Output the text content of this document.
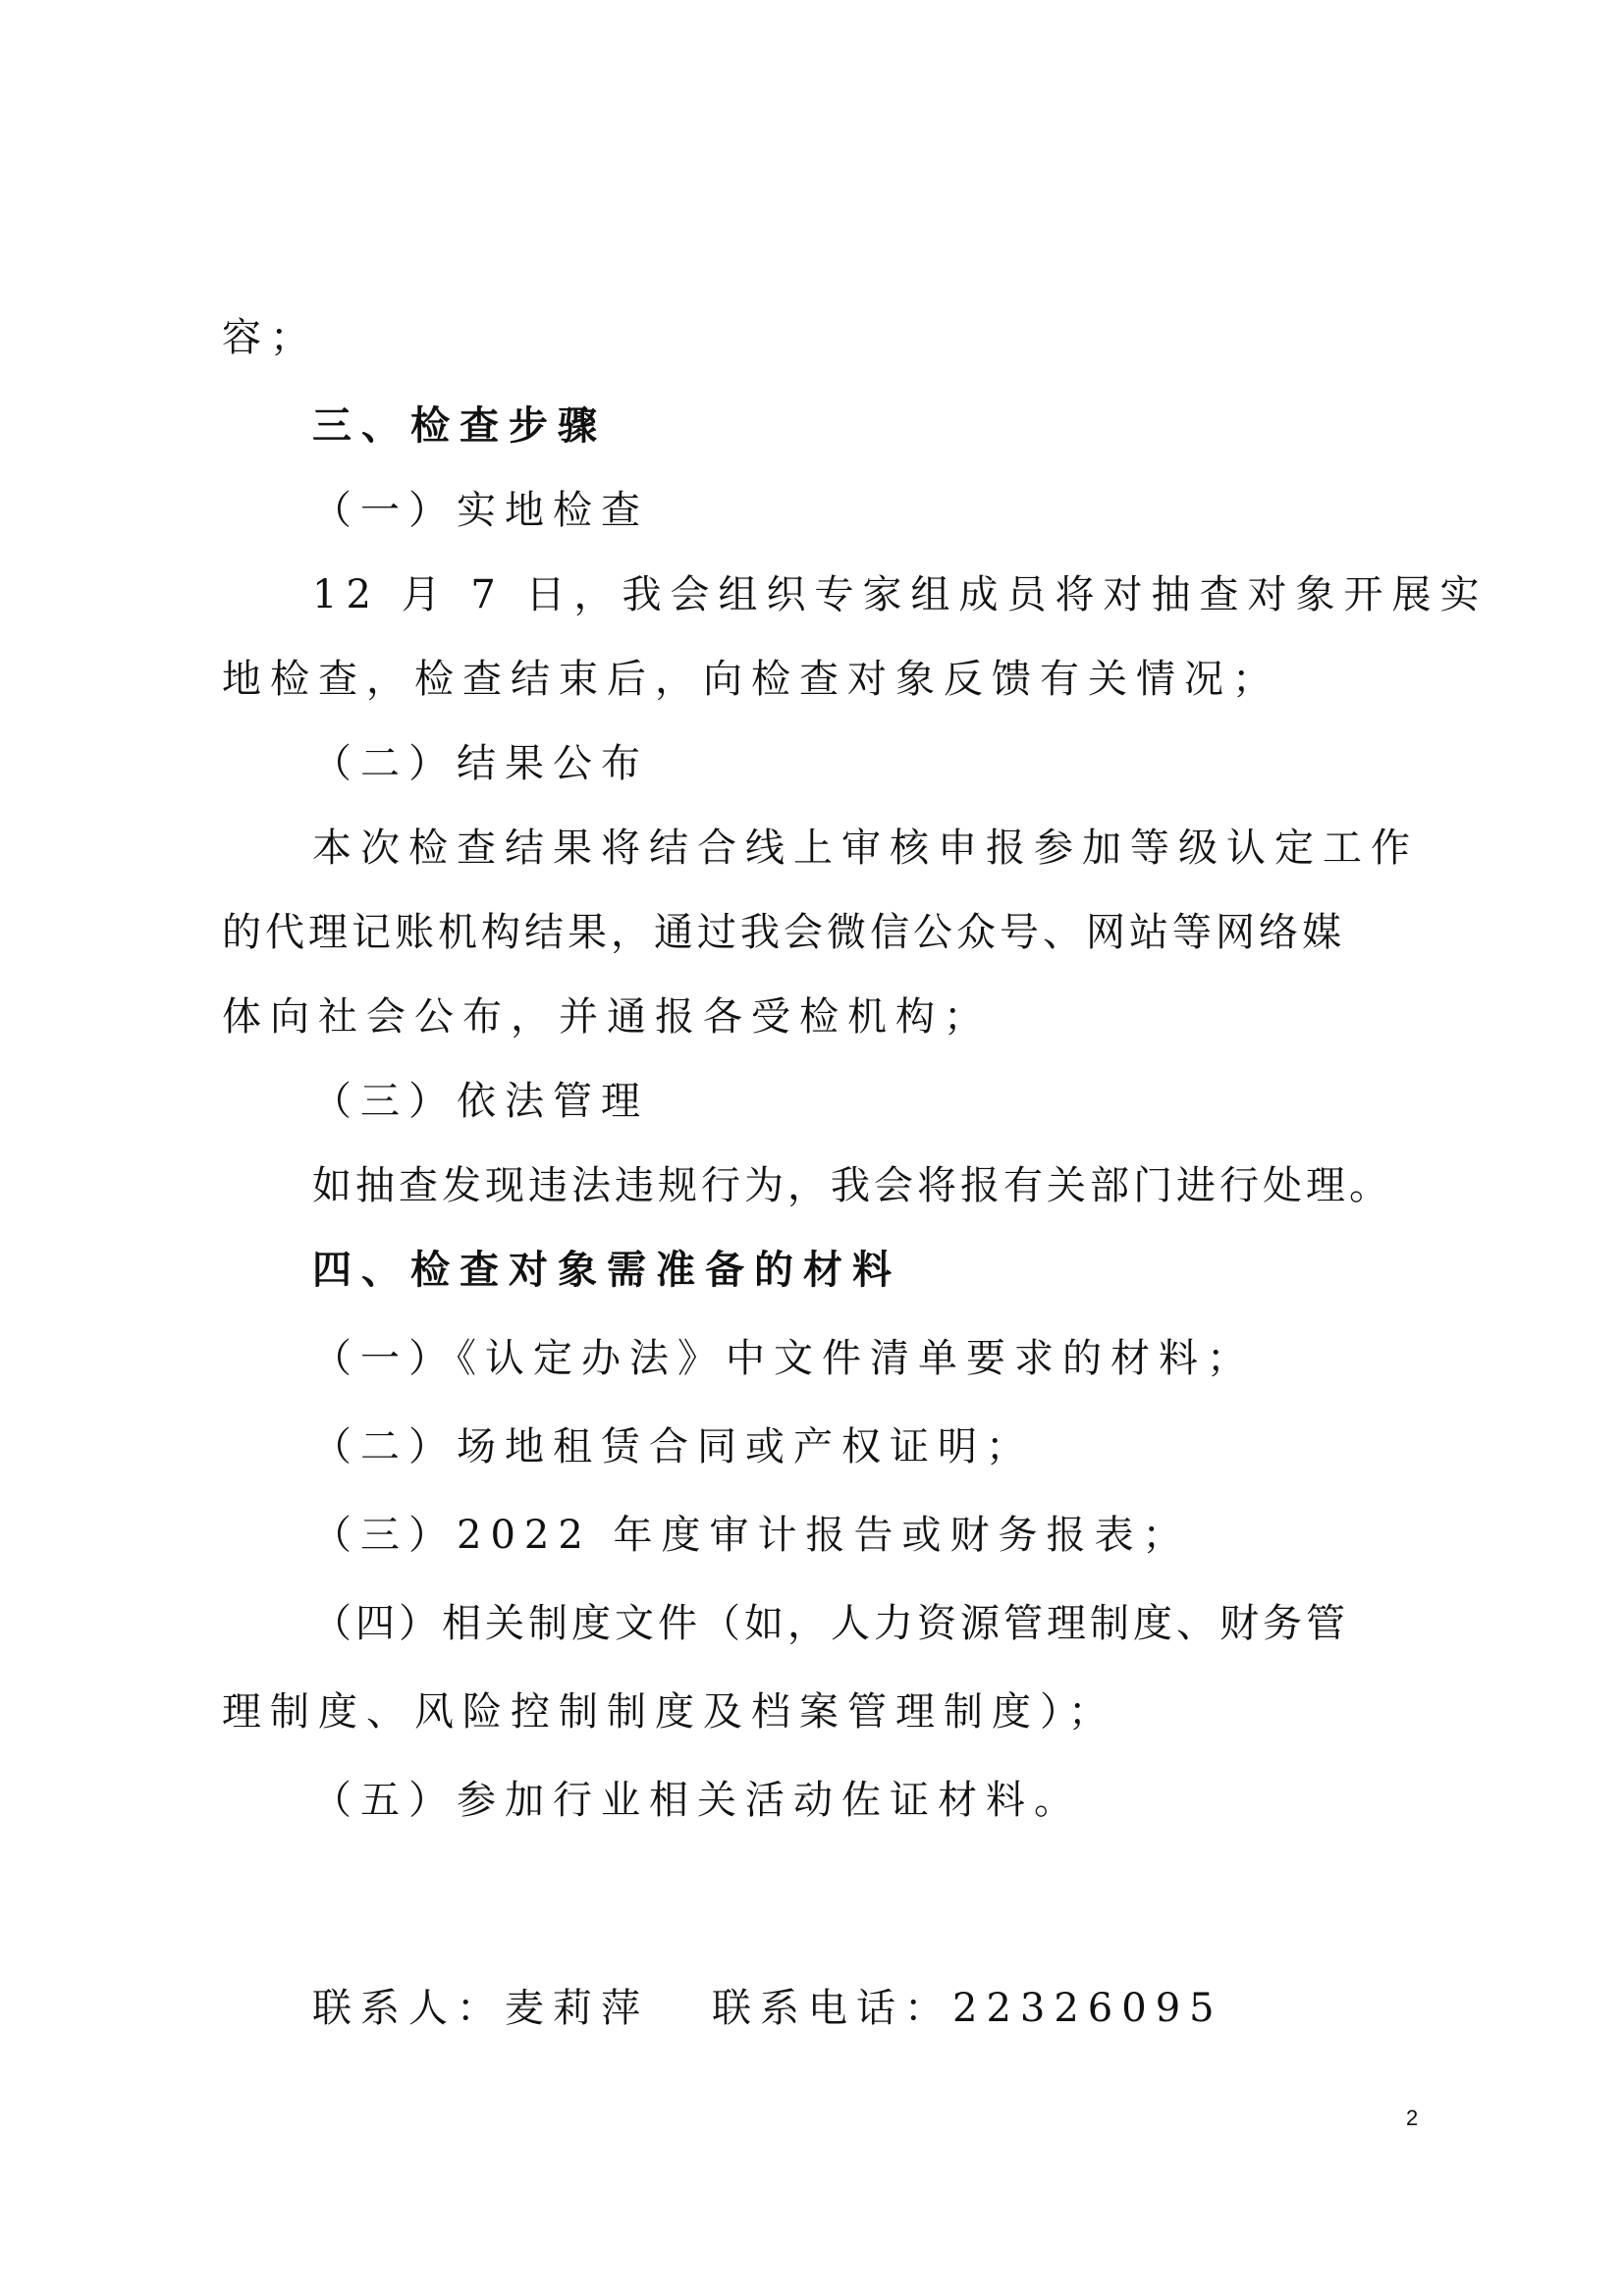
容；
三、检查步骤
（一）实地检查
12 月 7 日，我会组织专家组成员将对抽查对象开展实
地检查，检查结束后，向检查对象反馈有关情况；
（二）结果公布
本次检查结果将结合线上审核申报参加等级认定工作
的代理记账机构结果，通过我会微信公众号、网站等网络媒
体向社会公布，并通报各受检机构；
（三）依法管理
如抽查发现违法违规行为，我会将报有关部门进行处理。
四、检查对象需准备的材料
（一）《认定办法》中文件清单要求的材料；
（二）场地租赁合同或产权证明；
（三）2022 年度审计报告或财务报表；
（四）相关制度文件（如，人力资源管理制度、财务管
理制度、风险控制制度及档案管理制度）；
（五）参加行业相关活动佐证材料。
联系人：麦莉萍 联系电话：22326095
2
